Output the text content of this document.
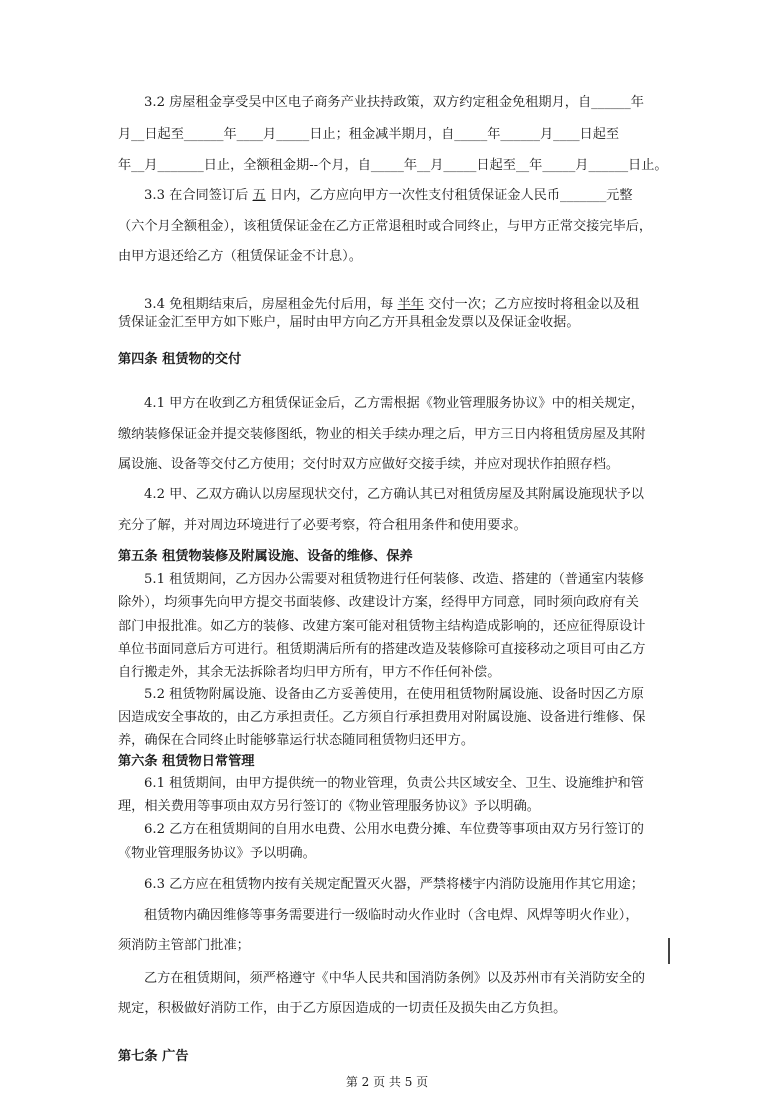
3.2 房屋租金享受吴中区电子商务产业扶持政策，双方约定租金免租期月，自______年
月__日起至______年____月_____日止；租金减半期月，自_____年______月____日起至
年__月_______日止，全额租金期--个月，自_____年__月_____日起至__年_____月______日止。
3.3 在合同签订后 五 日内，乙方应向甲方一次性支付租赁保证金人民币_______元整
（六个月全额租金），该租赁保证金在乙方正常退租时或合同终止，与甲方正常交接完毕后，
由甲方退还给乙方（租赁保证金不计息）。
3.4 免租期结束后，房屋租金先付后用，每 半年 交付一次；乙方应按时将租金以及租
赁保证金汇至甲方如下账户，届时由甲方向乙方开具租金发票以及保证金收据。
第四条 租赁物的交付
4.1 甲方在收到乙方租赁保证金后，乙方需根据《物业管理服务协议》中的相关规定，
缴纳装修保证金并提交装修图纸，物业的相关手续办理之后，甲方三日内将租赁房屋及其附
属设施、设备等交付乙方使用；交付时双方应做好交接手续，并应对现状作拍照存档。
4.2 甲、乙双方确认以房屋现状交付，乙方确认其已对租赁房屋及其附属设施现状予以
充分了解，并对周边环境进行了必要考察，符合租用条件和使用要求。
第五条 租赁物装修及附属设施、设备的维修、保养
5.1 租赁期间，乙方因办公需要对租赁物进行任何装修、改造、搭建的（普通室内装修
除外），均须事先向甲方提交书面装修、改建设计方案，经得甲方同意，同时须向政府有关
部门申报批准。如乙方的装修、改建方案可能对租赁物主结构造成影响的，还应征得原设计
单位书面同意后方可进行。租赁期满后所有的搭建改造及装修除可直接移动之项目可由乙方
自行搬走外，其余无法拆除者均归甲方所有，甲方不作任何补偿。
5.2 租赁物附属设施、设备由乙方妥善使用，在使用租赁物附属设施、设备时因乙方原
因造成安全事故的，由乙方承担责任。乙方须自行承担费用对附属设施、设备进行维修、保
养，确保在合同终止时能够靠运行状态随同租赁物归还甲方。
第六条 租赁物日常管理
6.1 租赁期间，由甲方提供统一的物业管理，负责公共区域安全、卫生、设施维护和管
理，相关费用等事项由双方另行签订的《物业管理服务协议》予以明确。
6.2 乙方在租赁期间的自用水电费、公用水电费分摊、车位费等事项由双方另行签订的
《物业管理服务协议》予以明确。
6.3 乙方应在租赁物内按有关规定配置灭火器，严禁将楼宇内消防设施用作其它用途；
租赁物内确因维修等事务需要进行一级临时动火作业时（含电焊、风焊等明火作业），
须消防主管部门批准；
乙方在租赁期间，须严格遵守《中华人民共和国消防条例》以及苏州市有关消防安全的
规定，积极做好消防工作，由于乙方原因造成的一切责任及损失由乙方负担。
第七条 广告
第 2 页 共 5 页
